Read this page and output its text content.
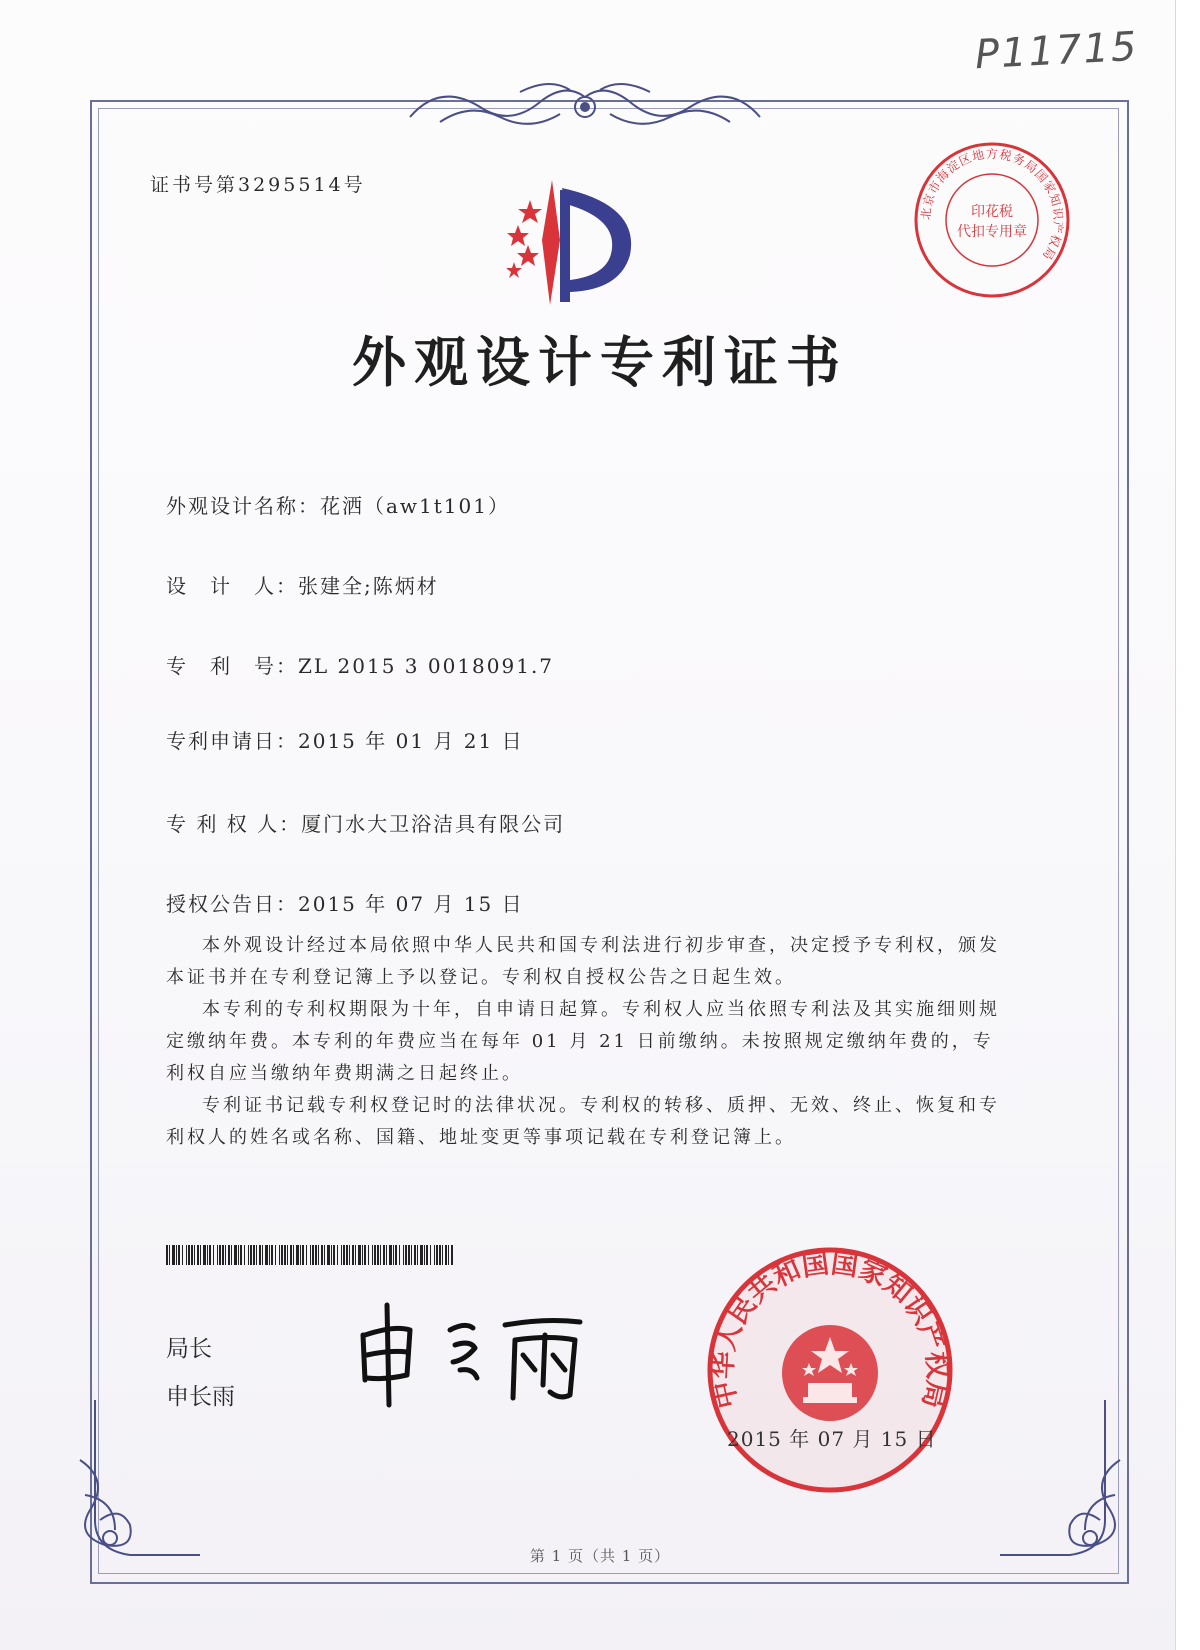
P11715
证书号第3295514号
外观设计专利证书
外观设计名称：花洒（aw1t101）
设　计　人：张建全;陈炳材
专　利　号：ZL 2015 3 0018091.7
专利申请日：2015 年 01 月 21 日
专 利 权 人：厦门水大卫浴洁具有限公司
授权公告日：2015 年 07 月 15 日

本外观设计经过本局依照中华人民共和国专利法进行初步审查，决定授予专利权，颁发本证书并在专利登记簿上予以登记。专利权自授权公告之日起生效。

本专利的专利权期限为十年，自申请日起算。专利权人应当依照专利法及其实施细则规定缴纳年费。本专利的年费应当在每年 01 月 21 日前缴纳。未按照规定缴纳年费的，专利权自应当缴纳年费期满之日起终止。

专利证书记载专利权登记时的法律状况。专利权的转移、质押、无效、终止、恢复和专利权人的姓名或名称、国籍、地址变更等事项记载在专利登记簿上。

局长
申长雨
北京市海淀区地方税务局国家知识产权局
印花税
代扣专用章
中华人民共和国国家知识产权局
2015 年 07 月 15 日
第 1 页（共 1 页）
